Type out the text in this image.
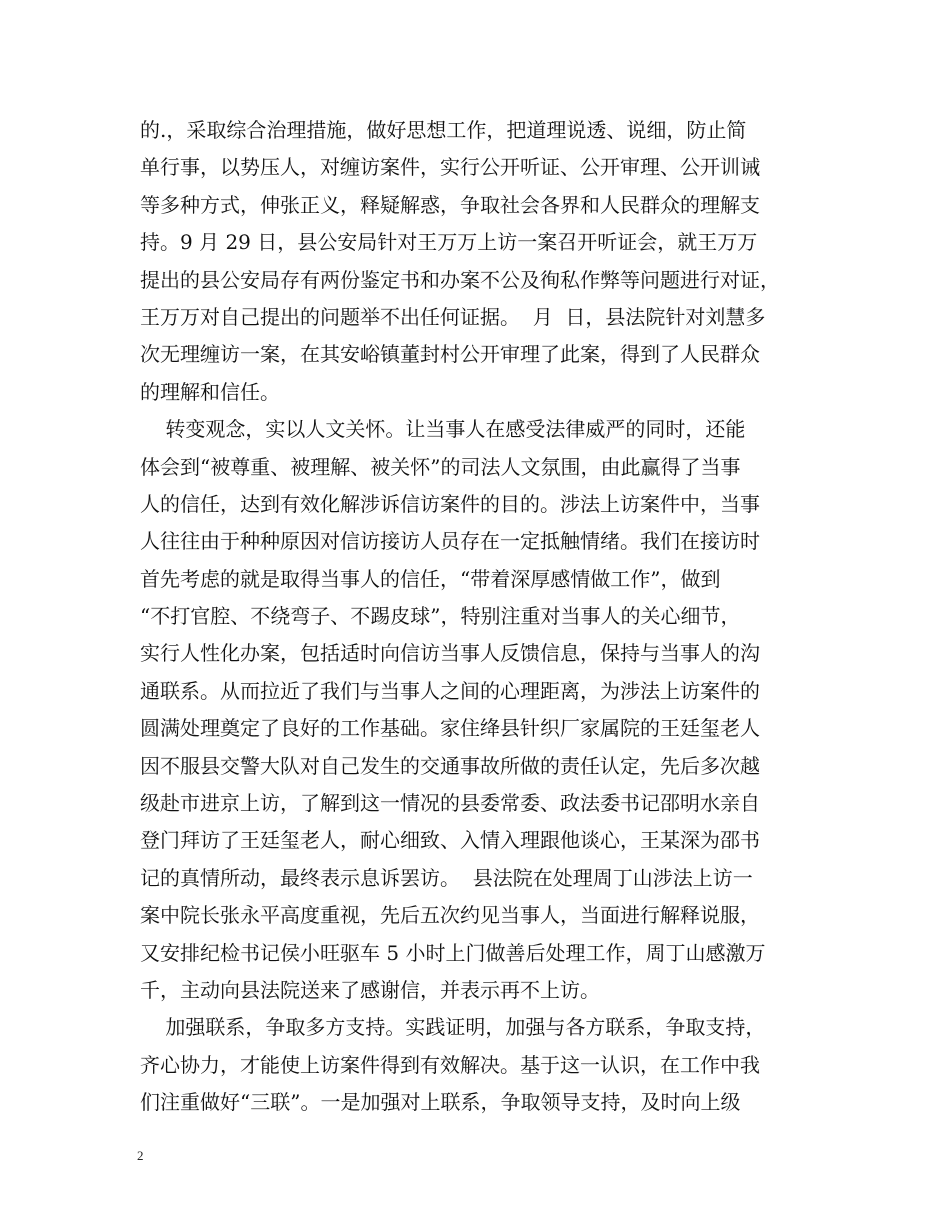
的.，采取综合治理措施，做好思想工作，把道理说透、说细，防止简
单行事，以势压人，对缠访案件，实行公开听证、公开审理、公开训诫
等多种方式，伸张正义，释疑解惑，争取社会各界和人民群众的理解支
持。9 月 29 日，县公安局针对王万万上访一案召开听证会，就王万万
提出的县公安局存有两份鉴定书和办案不公及徇私作弊等问题进行对证，
王万万对自己提出的问题举不出任何证据。  月  日，县法院针对刘慧多
次无理缠访一案，在其安峪镇董封村公开审理了此案，得到了人民群众
的理解和信任。
转变观念，实以人文关怀。让当事人在感受法律威严的同时，还能
体会到“被尊重、被理解、被关怀”的司法人文氛围，由此赢得了当事
人的信任，达到有效化解涉诉信访案件的目的。涉法上访案件中，当事
人往往由于种种原因对信访接访人员存在一定抵触情绪。我们在接访时
首先考虑的就是取得当事人的信任，“带着深厚感情做工作”，做到
“不打官腔、不绕弯子、不踢皮球”，特别注重对当事人的关心细节，
实行人性化办案，包括适时向信访当事人反馈信息，保持与当事人的沟
通联系。从而拉近了我们与当事人之间的心理距离，为涉法上访案件的
圆满处理奠定了良好的工作基础。家住绛县针织厂家属院的王廷玺老人
因不服县交警大队对自己发生的交通事故所做的责任认定，先后多次越
级赴市进京上访，了解到这一情况的县委常委、政法委书记邵明水亲自
登门拜访了王廷玺老人，耐心细致、入情入理跟他谈心，王某深为邵书
记的真情所动，最终表示息诉罢访。  县法院在处理周丁山涉法上访一
案中院长张永平高度重视，先后五次约见当事人，当面进行解释说服，
又安排纪检书记侯小旺驱车 5 小时上门做善后处理工作，周丁山感激万
千，主动向县法院送来了感谢信，并表示再不上访。
加强联系，争取多方支持。实践证明，加强与各方联系，争取支持，
齐心协力，才能使上访案件得到有效解决。基于这一认识，在工作中我
们注重做好“三联”。一是加强对上联系，争取领导支持，及时向上级
2
